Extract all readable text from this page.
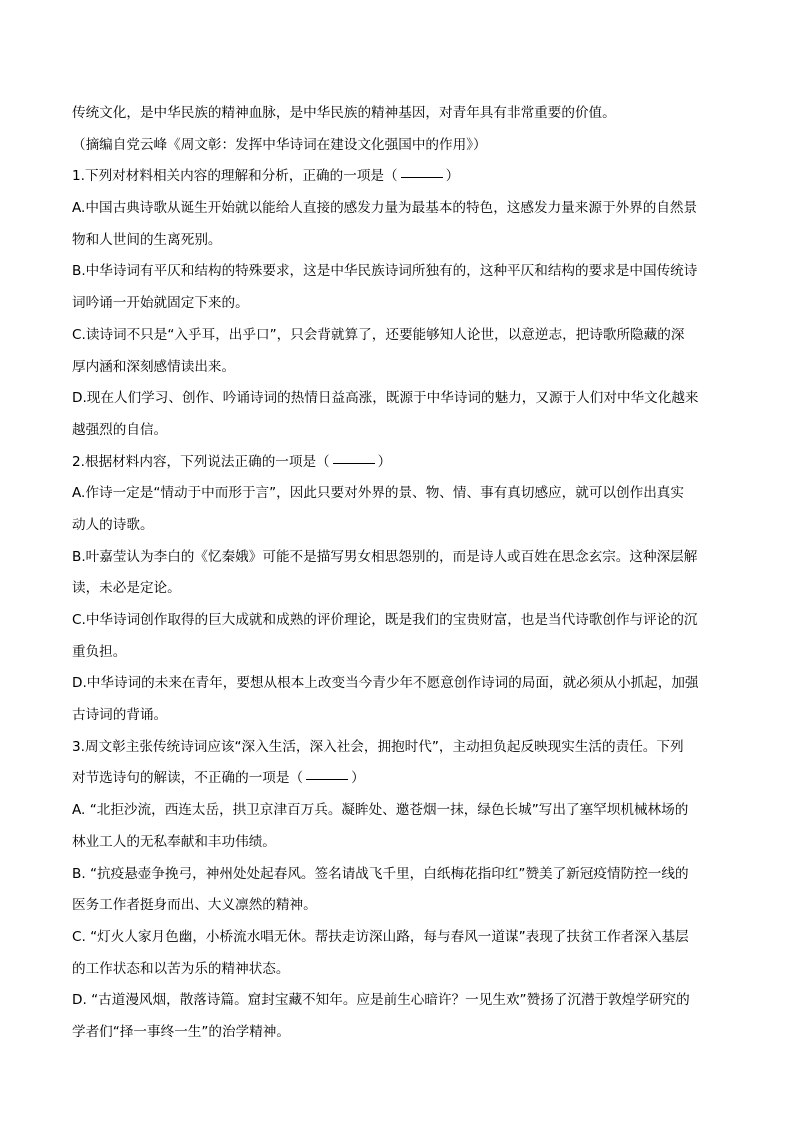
传统文化，是中华民族的精神血脉，是中华民族的精神基因，对青年具有非常重要的价值。
（摘编自党云峰《周文彰：发挥中华诗词在建设文化强国中的作用》）
1.下列对材料相关内容的理解和分析，正确的一项是（	）
A.中国古典诗歌从诞生开始就以能给人直接的感发力量为最基本的特色，这感发力量来源于外界的自然景
物和人世间的生离死别。
B.中华诗词有平仄和结构的特殊要求，这是中华民族诗词所独有的，这种平仄和结构的要求是中国传统诗
词吟诵一开始就固定下来的。
C.读诗词不只是“入乎耳，出乎口”，只会背就算了，还要能够知人论世，以意逆志，把诗歌所隐藏的深
厚内涵和深刻感情读出来。
D.现在人们学习、创作、吟诵诗词的热情日益高涨，既源于中华诗词的魅力，又源于人们对中华文化越来
越强烈的自信。
2.根据材料内容，下列说法正确的一项是（	）
A.作诗一定是“情动于中而形于言”，因此只要对外界的景、物、情、事有真切感应，就可以创作出真实
动人的诗歌。
B.叶嘉莹认为李白的《忆秦娥》可能不是描写男女相思怨别的，而是诗人或百姓在思念玄宗。这种深层解
读，未必是定论。
C.中华诗词创作取得的巨大成就和成熟的评价理论，既是我们的宝贵财富，也是当代诗歌创作与评论的沉
重负担。
D.中华诗词的未来在青年，要想从根本上改变当今青少年不愿意创作诗词的局面，就必须从小抓起，加强
古诗词的背诵。
3.周文彰主张传统诗词应该“深入生活，深入社会，拥抱时代”，主动担负起反映现实生活的责任。下列
对节选诗句的解读，不正确的一项是（	）
A. “北拒沙流，西连太岳，拱卫京津百万兵。凝眸处、邀苍烟一抹，绿色长城”写出了塞罕坝机械林场的
林业工人的无私奉献和丰功伟绩。
B. “抗疫悬壶争挽弓，神州处处起春风。签名请战飞千里，白纸梅花指印红”赞美了新冠疫情防控一线的
医务工作者挺身而出、大义凛然的精神。
C. “灯火人家月色幽，小桥流水唱无休。帮扶走访深山路，每与春风一道谋”表现了扶贫工作者深入基层
的工作状态和以苦为乐的精神状态。
D. “古道漫风烟，散落诗篇。窟封宝藏不知年。应是前生心暗许？一见生欢”赞扬了沉潜于敦煌学研究的
学者们“择一事终一生”的治学精神。
